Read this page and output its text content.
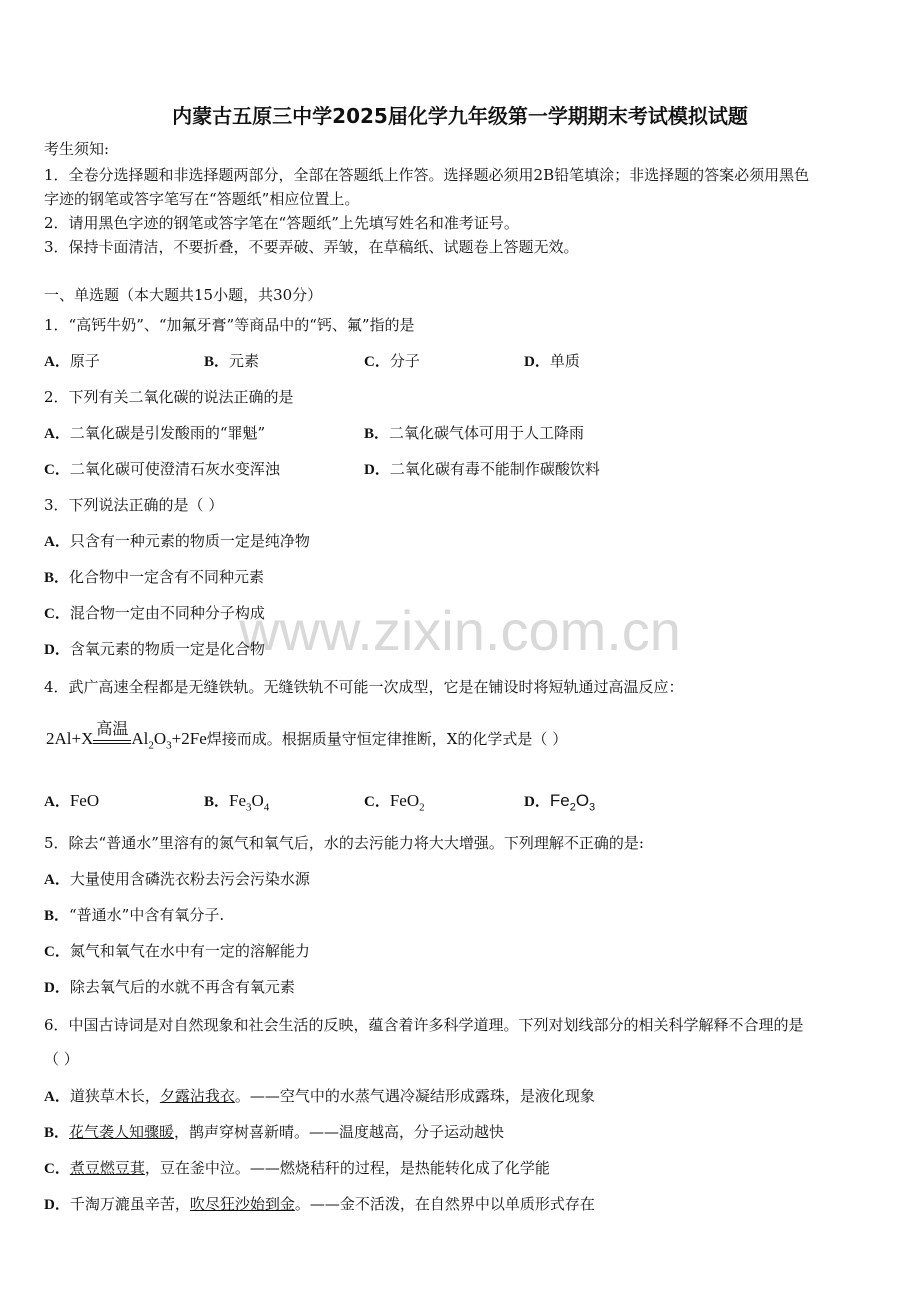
www.zixin.com.cn
内蒙古五原三中学2025届化学九年级第一学期期末考试模拟试题
考生须知:
1．全卷分选择题和非选择题两部分，全部在答题纸上作答。选择题必须用2B铅笔填涂；非选择题的答案必须用黑色
字迹的钢笔或答字笔写在“答题纸”相应位置上。
2．请用黑色字迹的钢笔或答字笔在“答题纸”上先填写姓名和准考证号。
3．保持卡面清洁，不要折叠，不要弄破、弄皱，在草稿纸、试题卷上答题无效。
一、单选题（本大题共15小题，共30分）
1．“高钙牛奶”、“加氟牙膏”等商品中的“钙、氟”指的是
A．原子	B．元素	C．分子	D．单质
2．下列有关二氧化碳的说法正确的是
A．二氧化碳是引发酸雨的“罪魁”	B．二氧化碳气体可用于人工降雨
C．二氧化碳可使澄清石灰水变浑浊	D．二氧化碳有毒不能制作碳酸饮料
3．下列说法正确的是（ ）
A．只含有一种元素的物质一定是纯净物
B．化合物中一定含有不同种元素
C．混合物一定由不同种分子构成
D．含氧元素的物质一定是化合物
4．武广高速全程都是无缝铁轨。无缝铁轨不可能一次成型，它是在铺设时将短轨通过高温反应：
2Al+X 高温 $Al_2O_3+2Fe$焊接而成。根据质量守恒定律推断，X的化学式是（ ）
A．FeO	B．$Fe_3O_4$	C．FeO$_2$	D．$Fe_2O_3$
5．除去“普通水”里溶有的氮气和氧气后，水的去污能力将大大增强。下列理解不正确的是:
A．大量使用含磷洗衣粉去污会污染水源
B．“普通水”中含有氧分子.
C．氮气和氧气在水中有一定的溶解能力
D．除去氧气后的水就不再含有氧元素
6．中国古诗词是对自然现象和社会生活的反映，蕴含着许多科学道理。下列对划线部分的相关科学解释不合理的是
（ ）
A．道狭草木长，夕露沾我衣。——空气中的水蒸气遇冷凝结形成露珠，是液化现象
B．花气袭人知骤暖，鹊声穿树喜新晴。——温度越高，分子运动越快
C．煮豆燃豆萁，豆在釜中泣。——燃烧秸秆的过程，是热能转化成了化学能
D．千淘万漉虽辛苦，吹尽狂沙始到金。——金不活泼，在自然界中以单质形式存在
